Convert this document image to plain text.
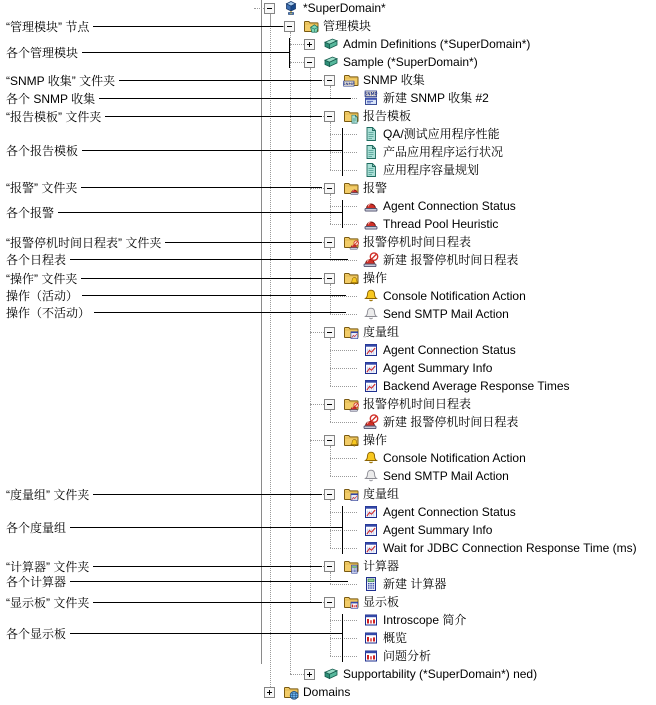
“管理模块” 节点
各个管理模块
“SNMP 收集” 文件夹
各个 SNMP 收集
“报告模板” 文件夹
各个报告模板
“报警” 文件夹
各个报警
“报警停机时间日程表” 文件夹
各个日程表
“操作” 文件夹
操作（活动）
操作（不活动）
“度量组” 文件夹
各个度量组
“计算器” 文件夹
各个计算器
“显示板” 文件夹
各个显示板
*SuperDomain*
管理模块
Admin Definitions (*SuperDomain*)
Sample (*SuperDomain*)
SNMP SNMP 收集
SNMP 新建 SNMP 收集 #2
报告模板
QA/测试应用程序性能
产品应用程序运行状况
应用程序容量规划
报警
Agent Connection Status
Thread Pool Heuristic
报警停机时间日程表
新建 报警停机时间日程表
操作
Console Notification Action
Send SMTP Mail Action
度量组
Agent Connection Status
Agent Summary Info
Backend Average Response Times
报警停机时间日程表
新建 报警停机时间日程表
操作
Console Notification Action
Send SMTP Mail Action
度量组
Agent Connection Status
Agent Summary Info
Wait for JDBC Connection Response Time (ms)
计算器
新建 计算器
显示板
Introscope 简介
概览
问题分析
Supportability (*SuperDomain*) ned)
Domains
